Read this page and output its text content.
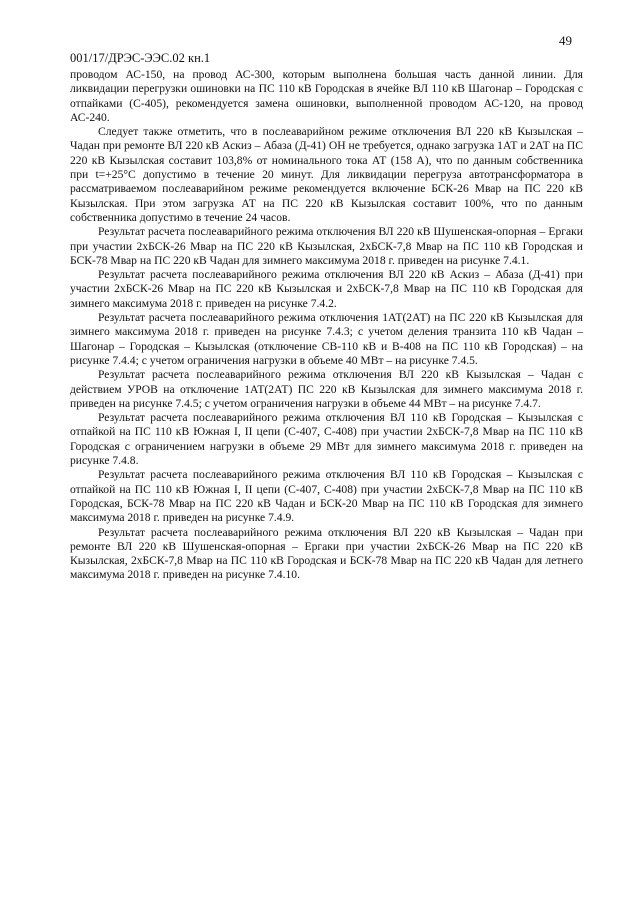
49
001/17/ДРЭС-ЭЭС.02 кн.1

проводом АС-150, на провод АС-300, которым выполнена большая часть данной линии. Для ликвидации перегрузки ошиновки на ПС 110 кВ Городская в ячейке ВЛ 110 кВ Шагонар – Городская с отпайками (С-405), рекомендуется замена ошиновки, выполненной проводом АС-120, на провод АС-240.

Следует также отметить, что в послеаварийном режиме отключения ВЛ 220 кВ Кызылская – Чадан при ремонте ВЛ 220 кВ Аскиз – Абаза (Д-41) ОН не требуется, однако загрузка 1АТ и 2АТ на ПС 220 кВ Кызылская составит 103,8% от номинального тока АТ (158 А), что по данным собственника при t=+25°С допустимо в течение 20 минут. Для ликвидации перегруза автотрансформатора в рассматриваемом послеаварийном режиме рекомендуется включение БСК-26 Мвар на ПС 220 кВ Кызылская. При этом загрузка АТ на ПС 220 кВ Кызылская составит 100%, что по данным собственника допустимо в течение 24 часов.

Результат расчета послеаварийного режима отключения ВЛ 220 кВ Шушенская-опорная – Ергаки при участии 2хБСК-26 Мвар на ПС 220 кВ Кызылская, 2хБСК-7,8 Мвар на ПС 110 кВ Городская и БСК-78 Мвар на ПС 220 кВ Чадан для зимнего максимума 2018 г. приведен на рисунке 7.4.1.

Результат расчета послеаварийного режима отключения ВЛ 220 кВ Аскиз – Абаза (Д-41) при участии 2хБСК-26 Мвар на ПС 220 кВ Кызылская и 2хБСК-7,8 Мвар на ПС 110 кВ Городская для зимнего максимума 2018 г. приведен на рисунке 7.4.2.

Результат расчета послеаварийного режима отключения 1АТ(2АТ) на ПС 220 кВ Кызылская для зимнего максимума 2018 г. приведен на рисунке 7.4.3; с учетом деления транзита 110 кВ Чадан – Шагонар – Городская – Кызылская (отключение СВ-110 кВ и В-408 на ПС 110 кВ Городская) – на рисунке 7.4.4; с учетом ограничения нагрузки в объеме 40 МВт – на рисунке 7.4.5.

Результат расчета послеаварийного режима отключения ВЛ 220 кВ Кызылская – Чадан с действием УРОВ на отключение 1АТ(2АТ) ПС 220 кВ Кызылская для зимнего максимума 2018 г. приведен на рисунке 7.4.5; с учетом ограничения нагрузки в объеме 44 МВт – на рисунке 7.4.7.

Результат расчета послеаварийного режима отключения ВЛ 110 кВ Городская – Кызылская с отпайкой на ПС 110 кВ Южная I, II цепи (С-407, С-408) при участии 2хБСК-7,8 Мвар на ПС 110 кВ Городская с ограничением нагрузки в объеме 29 МВт для зимнего максимума 2018 г. приведен на рисунке 7.4.8.

Результат расчета послеаварийного режима отключения ВЛ 110 кВ Городская – Кызылская с отпайкой на ПС 110 кВ Южная I, II цепи (С-407, С-408) при участии 2хБСК-7,8 Мвар на ПС 110 кВ Городская, БСК-78 Мвар на ПС 220 кВ Чадан и БСК-20 Мвар на ПС 110 кВ Городская для зимнего максимума 2018 г. приведен на рисунке 7.4.9.

Результат расчета послеаварийного режима отключения ВЛ 220 кВ Кызылская – Чадан при ремонте ВЛ 220 кВ Шушенская-опорная – Ергаки при участии 2хБСК-26 Мвар на ПС 220 кВ Кызылская, 2хБСК-7,8 Мвар на ПС 110 кВ Городская и БСК-78 Мвар на ПС 220 кВ Чадан для летнего максимума 2018 г. приведен на рисунке 7.4.10.
